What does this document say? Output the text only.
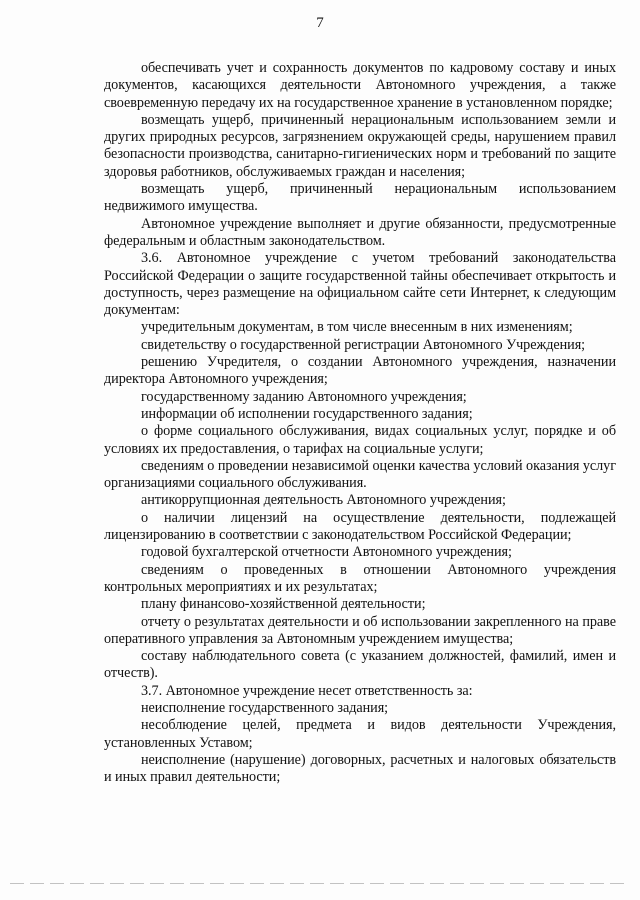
7

обеспечивать учет и сохранность документов по кадровому составу и иных документов, касающихся деятельности Автономного учреждения, а также своевременную передачу их на государственное хранение в установленном порядке;

возмещать ущерб, причиненный нерациональным использованием земли и других природных ресурсов, загрязнением окружающей среды, нарушением правил безопасности производства, санитарно-гигиенических норм и требований по защите здоровья работников, обслуживаемых граждан и населения;

возмещать ущерб, причиненный нерациональным использованием недвижимого имущества.

Автономное учреждение выполняет и другие обязанности, предусмотренные федеральным и областным законодательством.

3.6. Автономное учреждение с учетом требований законодательства Российской Федерации о защите государственной тайны обеспечивает открытость и доступность, через размещение на официальном сайте сети Интернет, к следующим документам:

учредительным документам, в том числе внесенным в них изменениям;

свидетельству о государственной регистрации Автономного Учреждения;

решению Учредителя, о создании Автономного учреждения, назначении директора Автономного учреждения;

государственному заданию Автономного учреждения;

информации об исполнении государственного задания;

о форме социального обслуживания, видах социальных услуг, порядке и об условиях их предоставления, о тарифах на социальные услуги;

сведениям о проведении независимой оценки качества условий оказания услуг организациями социального обслуживания.

антикоррупционная деятельность Автономного учреждения;

о наличии лицензий на осуществление деятельности, подлежащей лицензированию в соответствии с законодательством Российской Федерации;

годовой бухгалтерской отчетности Автономного учреждения;

сведениям о проведенных в отношении Автономного учреждения контрольных мероприятиях и их результатах;

плану финансово-хозяйственной деятельности;

отчету о результатах деятельности и об использовании закрепленного на праве оперативного управления за Автономным учреждением имущества;

составу наблюдательного совета (с указанием должностей, фамилий, имен и отчеств).

3.7. Автономное учреждение несет ответственность за:

неисполнение государственного задания;

несоблюдение целей, предмета и видов деятельности Учреждения, установленных Уставом;

неисполнение (нарушение) договорных, расчетных и налоговых обязательств и иных правил деятельности;
